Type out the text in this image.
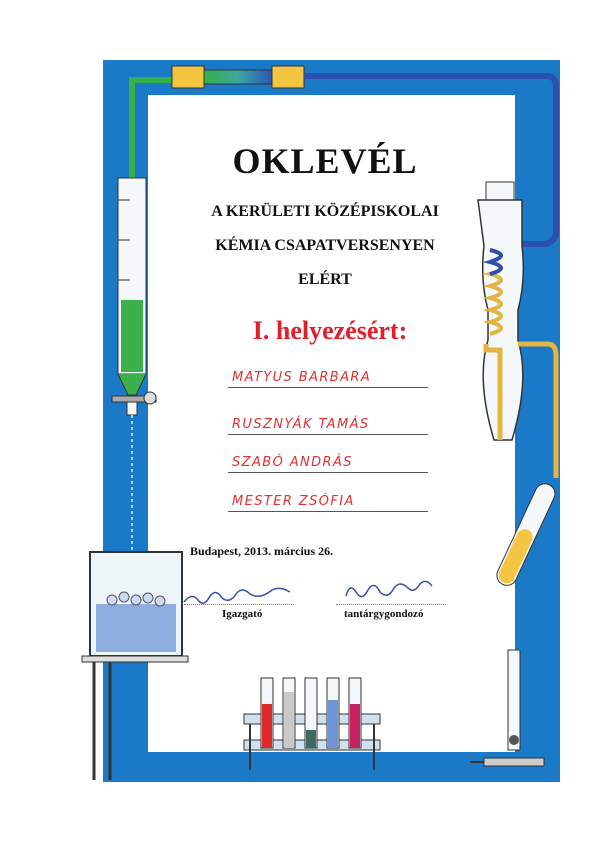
OKLEVÉL
A KERÜLETI KÖZÉPISKOLAI
KÉMIA CSAPATVERSENYEN
ELÉRT
I. helyezésért:
MATYUS BARBARA
RUSZNYÁK TAMÁS
SZABÓ ANDRÁS
MESTER ZSÓFIA
Budapest, 2013. március 26.
Igazgató	tantárgygondozó
